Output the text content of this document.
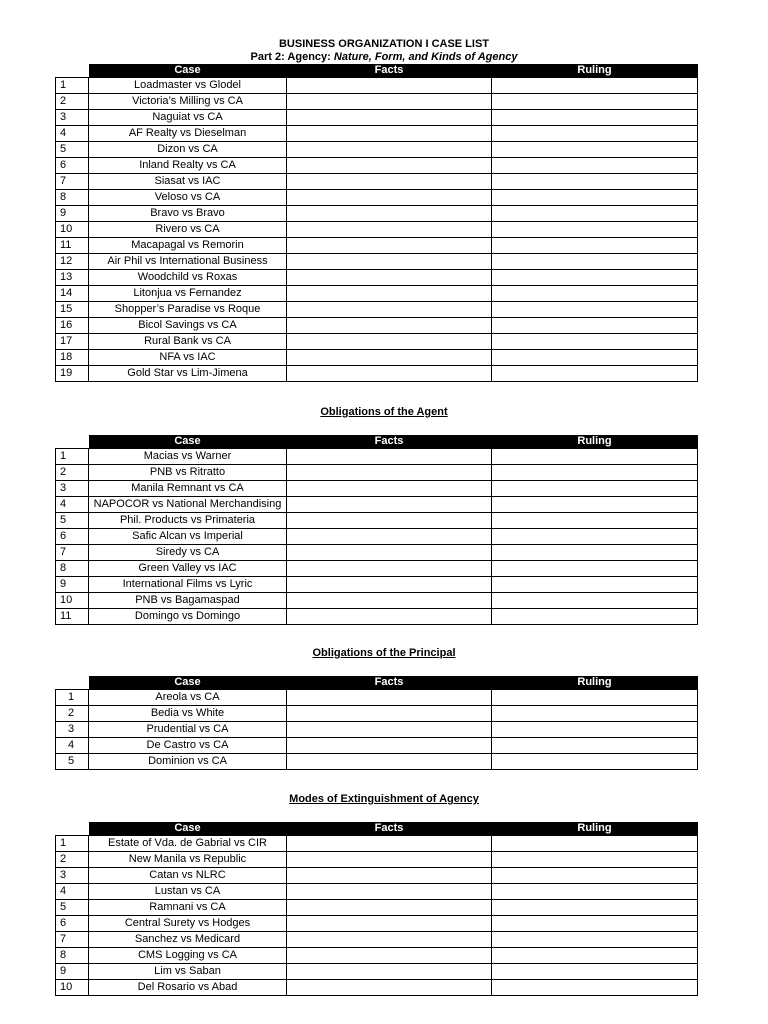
BUSINESS ORGANIZATION I CASE LIST
Part 2: Agency: Nature, Form, and Kinds of Agency
Obligations of the Agent
Obligations of the Principal
Modes of Extinguishment of Agency
	Case	Facts	Ruling
1	Loadmaster vs Glodel		
2	Victoria’s Milling vs CA		
3	Naguiat vs CA		
4	AF Realty vs Dieselman		
5	Dizon vs CA		
6	Inland Realty vs CA		
7	Siasat vs IAC		
8	Veloso vs CA		
9	Bravo vs Bravo		
10	Rivero vs CA		
11	Macapagal vs Remorin		
12	Air Phil vs International Business		
13	Woodchild vs Roxas		
14	Litonjua vs Fernandez		
15	Shopper’s Paradise vs Roque		
16	Bicol Savings vs CA		
17	Rural Bank vs CA		
18	NFA vs IAC		
19	Gold Star vs Lim-Jimena		
	Case	Facts	Ruling
1	Macias vs Warner		
2	PNB vs Ritratto		
3	Manila Remnant vs CA		
4	NAPOCOR vs National Merchandising		
5	Phil. Products vs Primateria		
6	Safic Alcan vs Imperial		
7	Siredy vs CA		
8	Green Valley vs IAC		
9	International Films vs Lyric		
10	PNB vs Bagamaspad		
11	Domingo vs Domingo		
	Case	Facts	Ruling
1	Areola vs CA		
2	Bedia vs White		
3	Prudential vs CA		
4	De Castro vs CA		
5	Dominion vs CA		
	Case	Facts	Ruling
1	Estate of Vda. de Gabrial vs CIR		
2	New Manila vs Republic		
3	Catan vs NLRC		
4	Lustan vs CA		
5	Ramnani vs CA		
6	Central Surety vs Hodges		
7	Sanchez vs Medicard		
8	CMS Logging vs CA		
9	Lim vs Saban		
10	Del Rosario vs Abad		
